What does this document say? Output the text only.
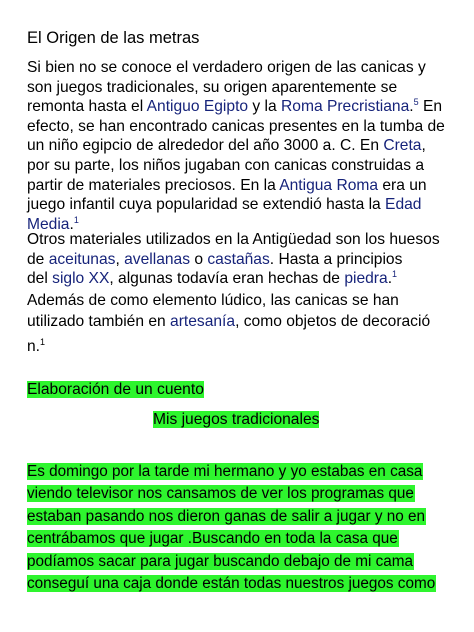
El Origen de las metras
Si bien no se conoce el verdadero origen de las canicas y
son juegos tradicionales, su origen aparentemente se
remonta hasta el Antiguo Egipto y la Roma Precristiana.$^5$ En
efecto, se han encontrado canicas presentes en la tumba de
un niño egipcio de alrededor del año 3000 a. C. En Creta,
por su parte, los niños jugaban con canicas construidas a
partir de materiales preciosos. En la Antigua Roma era un
juego infantil cuya popularidad se extendió hasta la Edad
Media.$^1$
Otros materiales utilizados en la Antigüedad son los huesos
de aceitunas, avellanas o castañas. Hasta a principios
del siglo XX, algunas todavía eran hechas de piedra.$^1$
Además de como elemento lúdico, las canicas se han
utilizado también en artesanía, como objetos de decoració
n.$^1$
Elaboración de un cuento
Mis juegos tradicionales
Es domingo por la tarde mi hermano y yo estabas en casa
viendo televisor nos cansamos de ver los programas que
estaban pasando nos dieron ganas de salir a jugar y no en
centrábamos que jugar .Buscando en toda la casa que
podíamos sacar para jugar buscando debajo de mi cama
conseguí una caja donde están todas nuestros juegos como
